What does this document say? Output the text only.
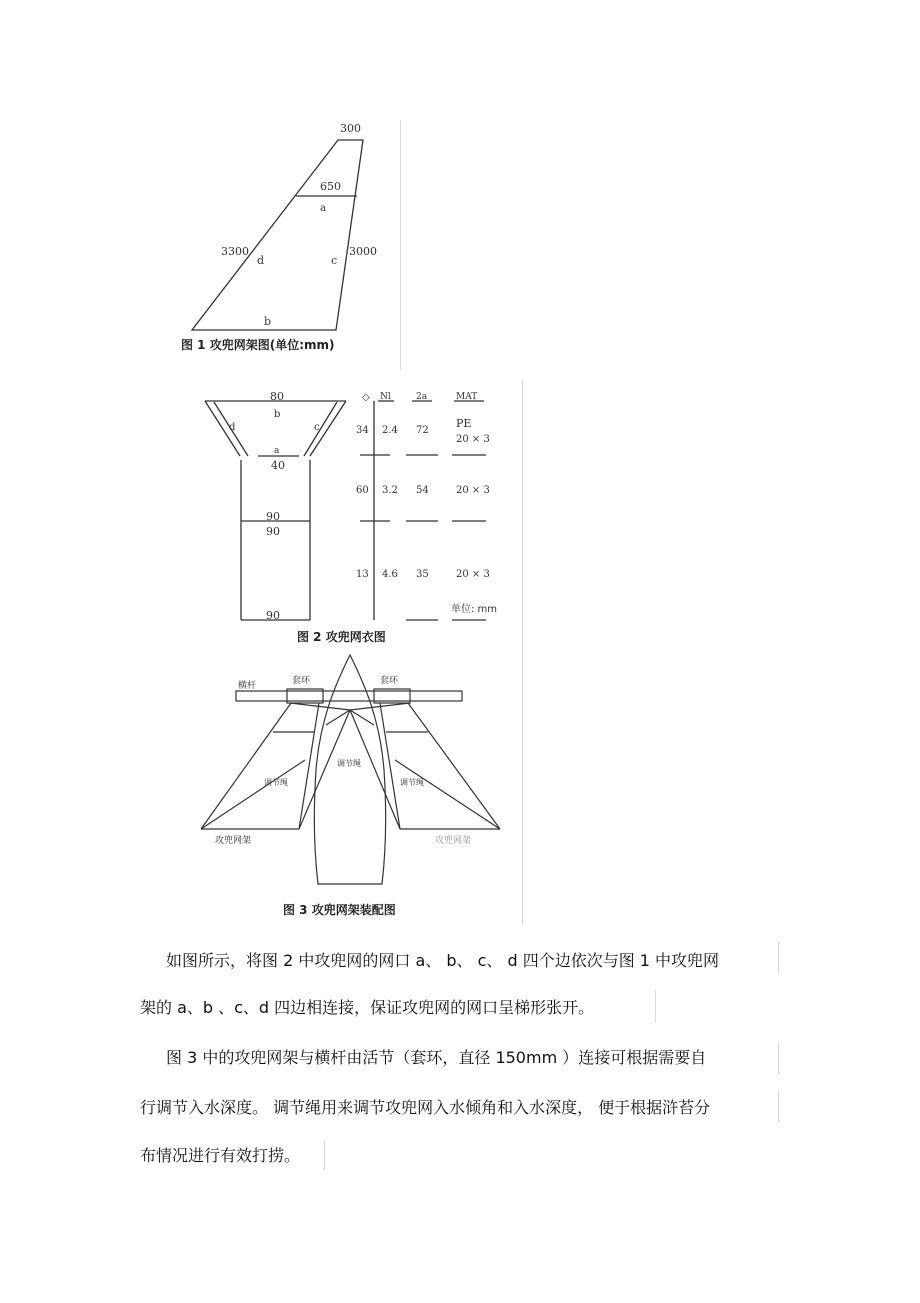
300
650
a
3300
d	c
3000
b
图 1 攻兜网架图(单位:mm)
80
b
d	c
a
40
90
90
90
◇ Nl	2a	MAT
34 2.4 72
PE
20 × 3
60 3.2 54	20 × 3
13 4.6 35	20 × 3
单位: mm
图 2 攻兜网衣图
横杆	套环	套环
调节绳
调节绳	调节绳
攻兜网架	攻兜网架
图 3 攻兜网架装配图
如图所示，将图 2 中攻兜网的网口 a、 b、 c、 d 四个边依次与图 1 中攻兜网
架的 a、b 、c、d 四边相连接，保证攻兜网的网口呈梯形张开。
图 3 中的攻兜网架与横杆由活节（套环，直径 150mm ）连接可根据需要自
行调节入水深度。 调节绳用来调节攻兜网入水倾角和入水深度， 便于根据浒苔分
布情况进行有效打捞。
